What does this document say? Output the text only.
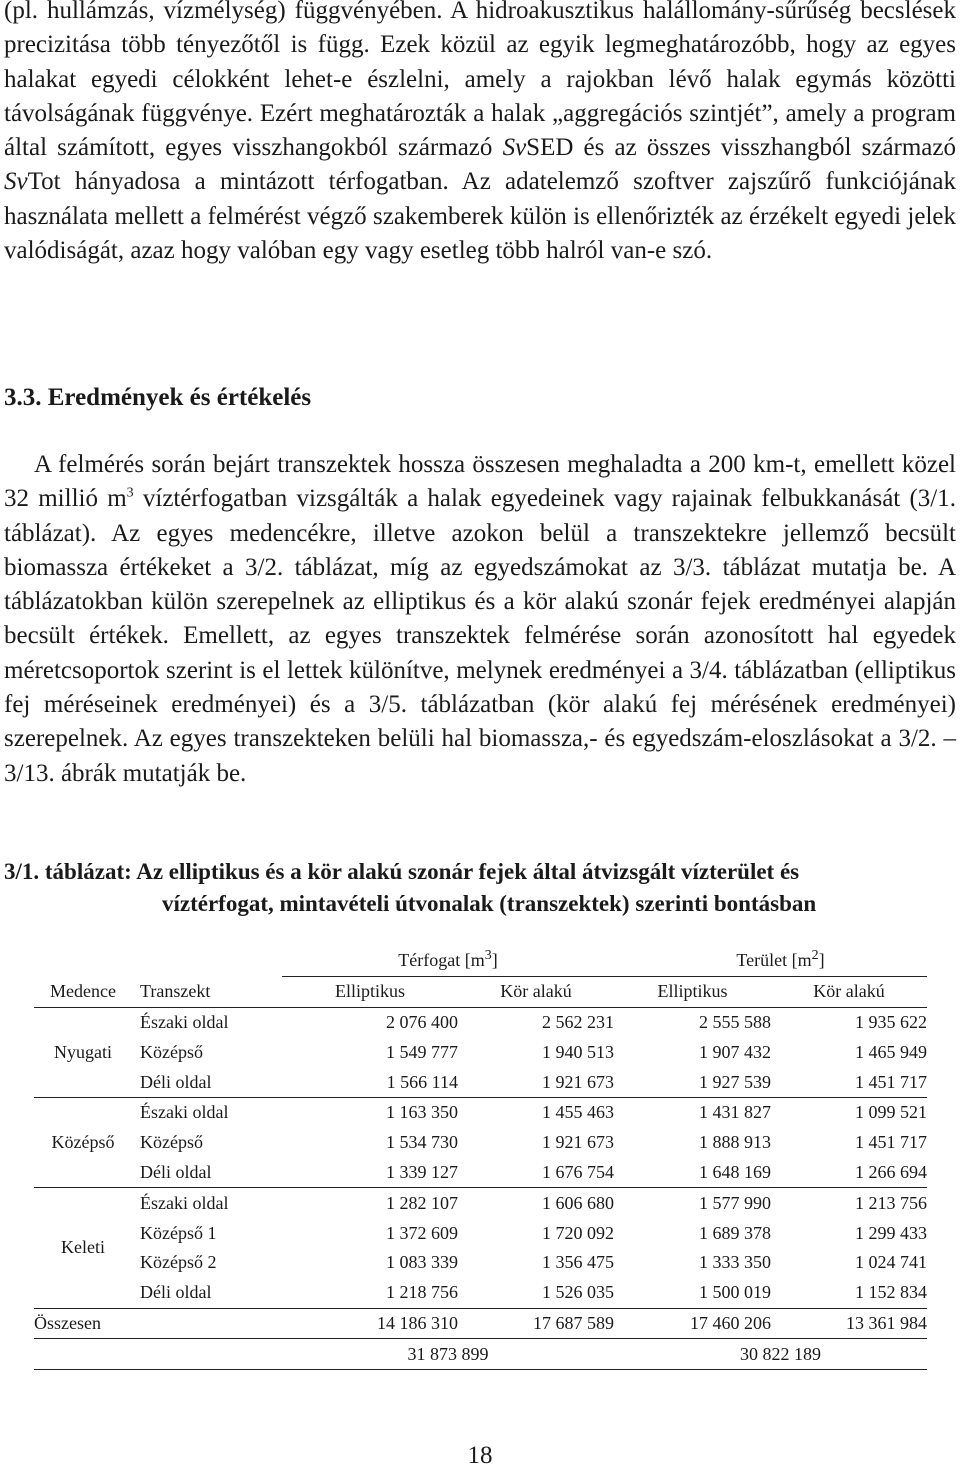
(pl. hullámzás, vízmélység) függvényében. A hidroakusztikus halállomány-sűrűség becslések precizitása több tényezőtől is függ. Ezek közül az egyik legmeghatározóbb, hogy az egyes halakat egyedi célokként lehet-e észlelni, amely a rajokban lévő halak egymás közötti távolságának függvénye. Ezért meghatározták a halak „aggregációs szintjét”, amely a program által számított, egyes visszhangokból származó SvSED és az összes visszhangból származó SvTot hányadosa a mintázott térfogatban. Az adatelemző szoftver zajszűrő funkciójának használata mellett a felmérést végző szakemberek külön is ellenőrizték az érzékelt egyedi jelek valódiságát, azaz hogy valóban egy vagy esetleg több halról van-e szó.

3.3. Eredmények és értékelés

A felmérés során bejárt transzektek hossza összesen meghaladta a 200 km-t, emellett közel 32 millió $m^3$ víztérfogatban vizsgálták a halak egyedeinek vagy rajainak felbukkanását (3/1. táblázat). Az egyes medencékre, illetve azokon belül a transzektekre jellemző becsült biomassza értékeket a 3/2. táblázat, míg az egyedszámokat az 3/3. táblázat mutatja be. A táblázatokban külön szerepelnek az elliptikus és a kör alakú szonár fejek eredményei alapján becsült értékek. Emellett, az egyes transzektek felmérése során azonosított hal egyedek méretcsoportok szerint is el lettek különítve, melynek eredményei a 3/4. táblázatban (elliptikus fej méréseinek eredményei) és a 3/5. táblázatban (kör alakú fej mérésének eredményei) szerepelnek. Az egyes transzekteken belüli hal biomassza,- és egyedszám-eloszlásokat a 3/2. – 3/13. ábrák mutatják be.

3/1. táblázat: Az elliptikus és a kör alakú szonár fejek által átvizsgált vízterület és
víztérfogat, mintavételi útvonalak (transzektek) szerinti bontásban

		Térfogat $[m^3]$		Terület $[m^2]$	
Medence	Transzekt	Elliptikus	Kör alakú	Elliptikus	Kör alakú
Nyugati	Északi oldal	2 076 400	2 562 231	2 555 588	1 935 622
	Középső	1 549 777	1 940 513	1 907 432	1 465 949
	Déli oldal	1 566 114	1 921 673	1 927 539	1 451 717
Középső	Északi oldal	1 163 350	1 455 463	1 431 827	1 099 521
	Középső	1 534 730	1 921 673	1 888 913	1 451 717
	Déli oldal	1 339 127	1 676 754	1 648 169	1 266 694
Keleti	Északi oldal	1 282 107	1 606 680	1 577 990	1 213 756
	Középső 1	1 372 609	1 720 092	1 689 378	1 299 433
	Középső 2	1 083 339	1 356 475	1 333 350	1 024 741
	Déli oldal	1 218 756	1 526 035	1 500 019	1 152 834
Összesen		14 186 310	17 687 589	17 460 206	13 361 984
		31 873 899		30 822 189	
18
